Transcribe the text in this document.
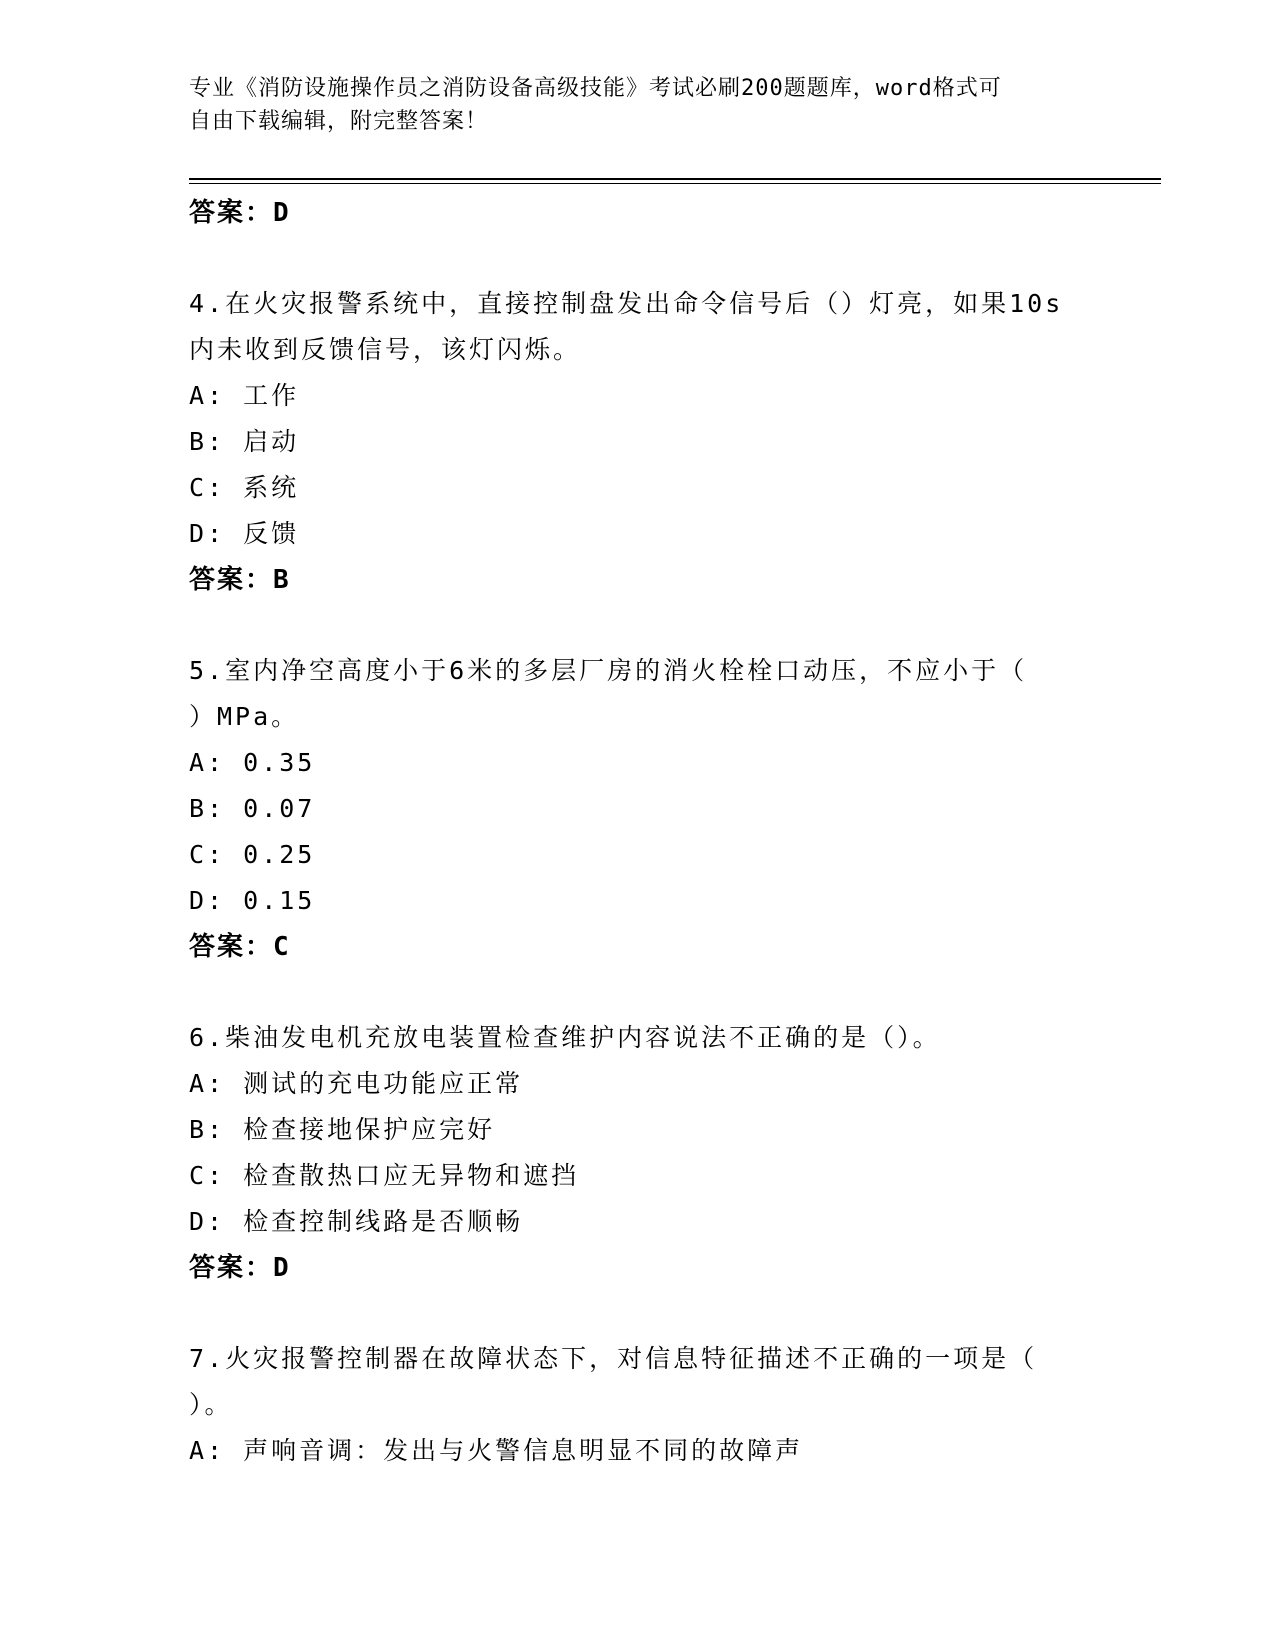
专业《消防设施操作员之消防设备高级技能》考试必刷200题题库，word格式可
自由下载编辑，附完整答案！
答案：D
4.在火灾报警系统中，直接控制盘发出命令信号后（）灯亮，如果10s
内未收到反馈信号，该灯闪烁。
A: 工作
B: 启动
C: 系统
D: 反馈
答案：B
5.室内净空高度小于6米的多层厂房的消火栓栓口动压，不应小于（
）MPa。
A: 0.35
B: 0.07
C: 0.25
D: 0.15
答案：C
6.柴油发电机充放电装置检查维护内容说法不正确的是（）。
A: 测试的充电功能应正常
B: 检查接地保护应完好
C: 检查散热口应无异物和遮挡
D: 检查控制线路是否顺畅
答案：D
7.火灾报警控制器在故障状态下，对信息特征描述不正确的一项是（
）。
A: 声响音调：发出与火警信息明显不同的故障声
